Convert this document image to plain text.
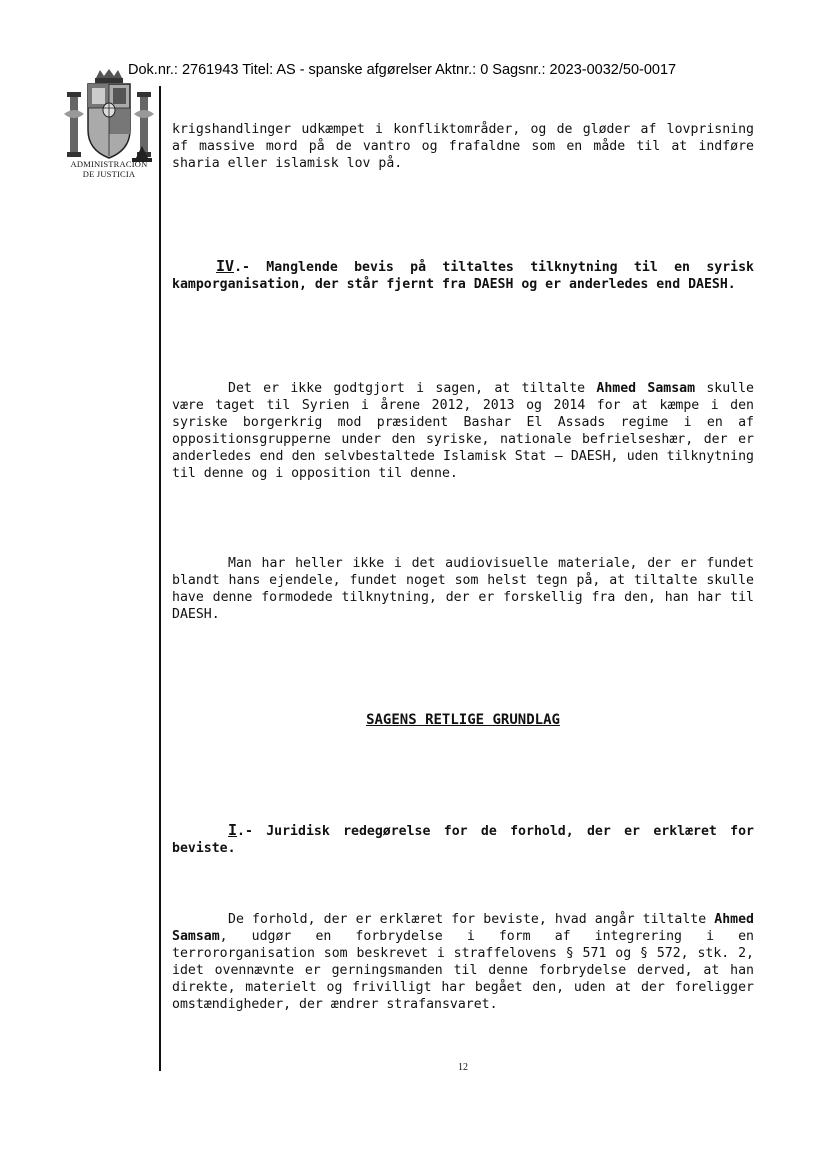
Dok.nr.: 2761943 Titel: AS - spanske afgørelser Aktnr.: 0 Sagsnr.: 2023-0032/50-0017
ADMINISTRACION
DE JUSTICIA

krigshandlinger udkæmpet i konfliktområder, og de gløder af lovprisning af massive mord på de vantro og frafaldne som en måde til at indføre sharia eller islamisk lov på.

IV.- Manglende bevis på tiltaltes tilknytning til en syrisk kamporganisation, der står fjernt fra DAESH og er anderledes end DAESH.

Det er ikke godtgjort i sagen, at tiltalte Ahmed Samsam skulle være taget til Syrien i årene 2012, 2013 og 2014 for at kæmpe i den syriske borgerkrig mod præsident Bashar El Assads regime i en af oppositionsgrupperne under den syriske, nationale befrielseshær, der er anderledes end den selvbestaltede Islamisk Stat – DAESH, uden tilknytning til denne og i opposition til denne.

Man har heller ikke i det audiovisuelle materiale, der er fundet blandt hans ejendele, fundet noget som helst tegn på, at tiltalte skulle have denne formodede tilknytning, der er forskellig fra den, han har til DAESH.

SAGENS RETLIGE GRUNDLAG

I.- Juridisk redegørelse for de forhold, der er erklæret for beviste.

De forhold, der er erklæret for beviste, hvad angår tiltalte Ahmed Samsam, udgør en forbrydelse i form af integrering i en terrororganisation som beskrevet i straffelovens § 571 og § 572, stk. 2, idet ovennævnte er gerningsmanden til denne forbrydelse derved, at han direkte, materielt og frivilligt har begået den, uden at der foreligger omstændigheder, der ændrer strafansvaret.

12
